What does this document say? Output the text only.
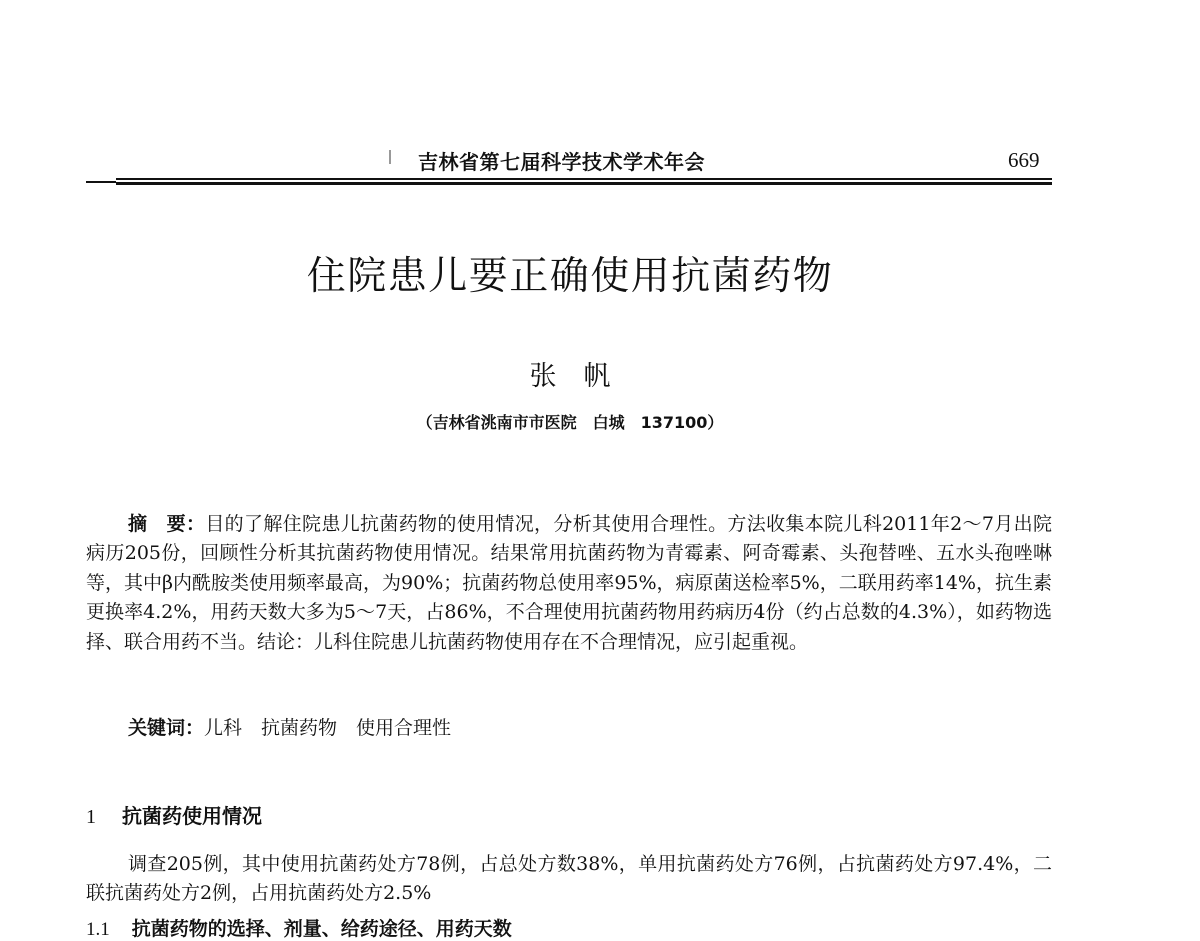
吉林省第七届科学技术学术年会	669
住院患儿要正确使用抗菌药物
张　帆
（吉林省洮南市市医院　白城　137100）

摘　要：目的了解住院患儿抗菌药物的使用情况，分析其使用合理性。方法收集本院儿科2011年2～7月出院病历205份，回顾性分析其抗菌药物使用情况。结果常用抗菌药物为青霉素、阿奇霉素、头孢替唑、五水头孢唑啉等，其中β内酰胺类使用频率最高，为90%；抗菌药物总使用率95%，病原菌送检率5%，二联用药率14%，抗生素更换率4.2%，用药天数大多为5～7天，占86%，不合理使用抗菌药物用药病历4份（约占总数的4.3%），如药物选择、联合用药不当。结论：儿科住院患儿抗菌药物使用存在不合理情况，应引起重视。

关键词：儿科　抗菌药物　使用合理性
1 抗菌药使用情况

调查205例，其中使用抗菌药处方78例，占总处方数38%，单用抗菌药处方76例，占抗菌药处方97.4%，二联抗菌药处方2例，占用抗菌药处方2.5%

1.1 抗菌药物的选择、剂量、给药途径、用药天数
